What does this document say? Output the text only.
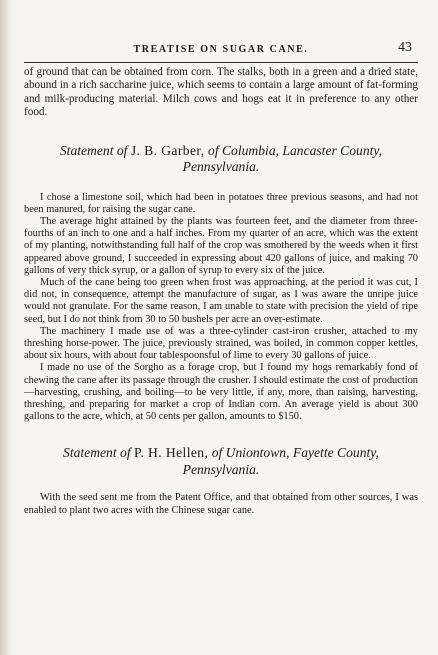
TREATISE ON SUGAR CANE.	43

of ground that can be obtained from corn. The stalks, both in a green and a dried state, abound in a rich saccharine juice, which seems to contain a large amount of fat-forming and milk-producing material. Milch cows and hogs eat it in preference to any other food.

Statement of J. B. Garber, of Columbia, Lancaster County, Pennsylvania.

I chose a limestone soil, which had been in potatoes three previous seasons, and had not been manured, for raising the sugar cane.

The average hight attained by the plants was fourteen feet, and the diameter from three-fourths of an inch to one and a half inches. From my quarter of an acre, which was the extent of my planting, notwithstanding full half of the crop was smothered by the weeds when it first appeared above ground, I succeeded in expressing about 420 gallons of juice, and making 70 gallons of very thick syrup, or a gallon of syrup to every six of the juice.

Much of the cane being too green when frost was approaching, at the period it was cut, I did not, in consequence, attempt the manufacture of sugar, as I was aware the unripe juice would not granulate. For the same reason, I am unable to state with precision the yield of ripe seed, but I do not think from 30 to 50 bushels per acre an over-estimate.

The machinery I made use of was a three-cylinder cast-iron crusher, attached to my threshing horse-power. The juice, previously strained, was boiled, in common copper kettles, about six hours, with about four tablespoonsful of lime to every 30 gallons of juice.

I made no use of the Sorgho as a forage crop, but I found my hogs remarkably fond of chewing the cane after its passage through the crusher. I should estimate the cost of production—harvesting, crushing, and boiling—to be very little, if any, more, than raising, harvesting, threshing, and preparing for market a crop of Indian corn. An average yield is about 300 gallons to the acre, which, at 50 cents per gallon, amounts to $150.

Statement of P. H. Hellen, of Uniontown, Fayette County, Pennsylvania.

With the seed sent me from the Patent Office, and that obtained from other sources, I was enabled to plant two acres with the Chinese sugar cane.
